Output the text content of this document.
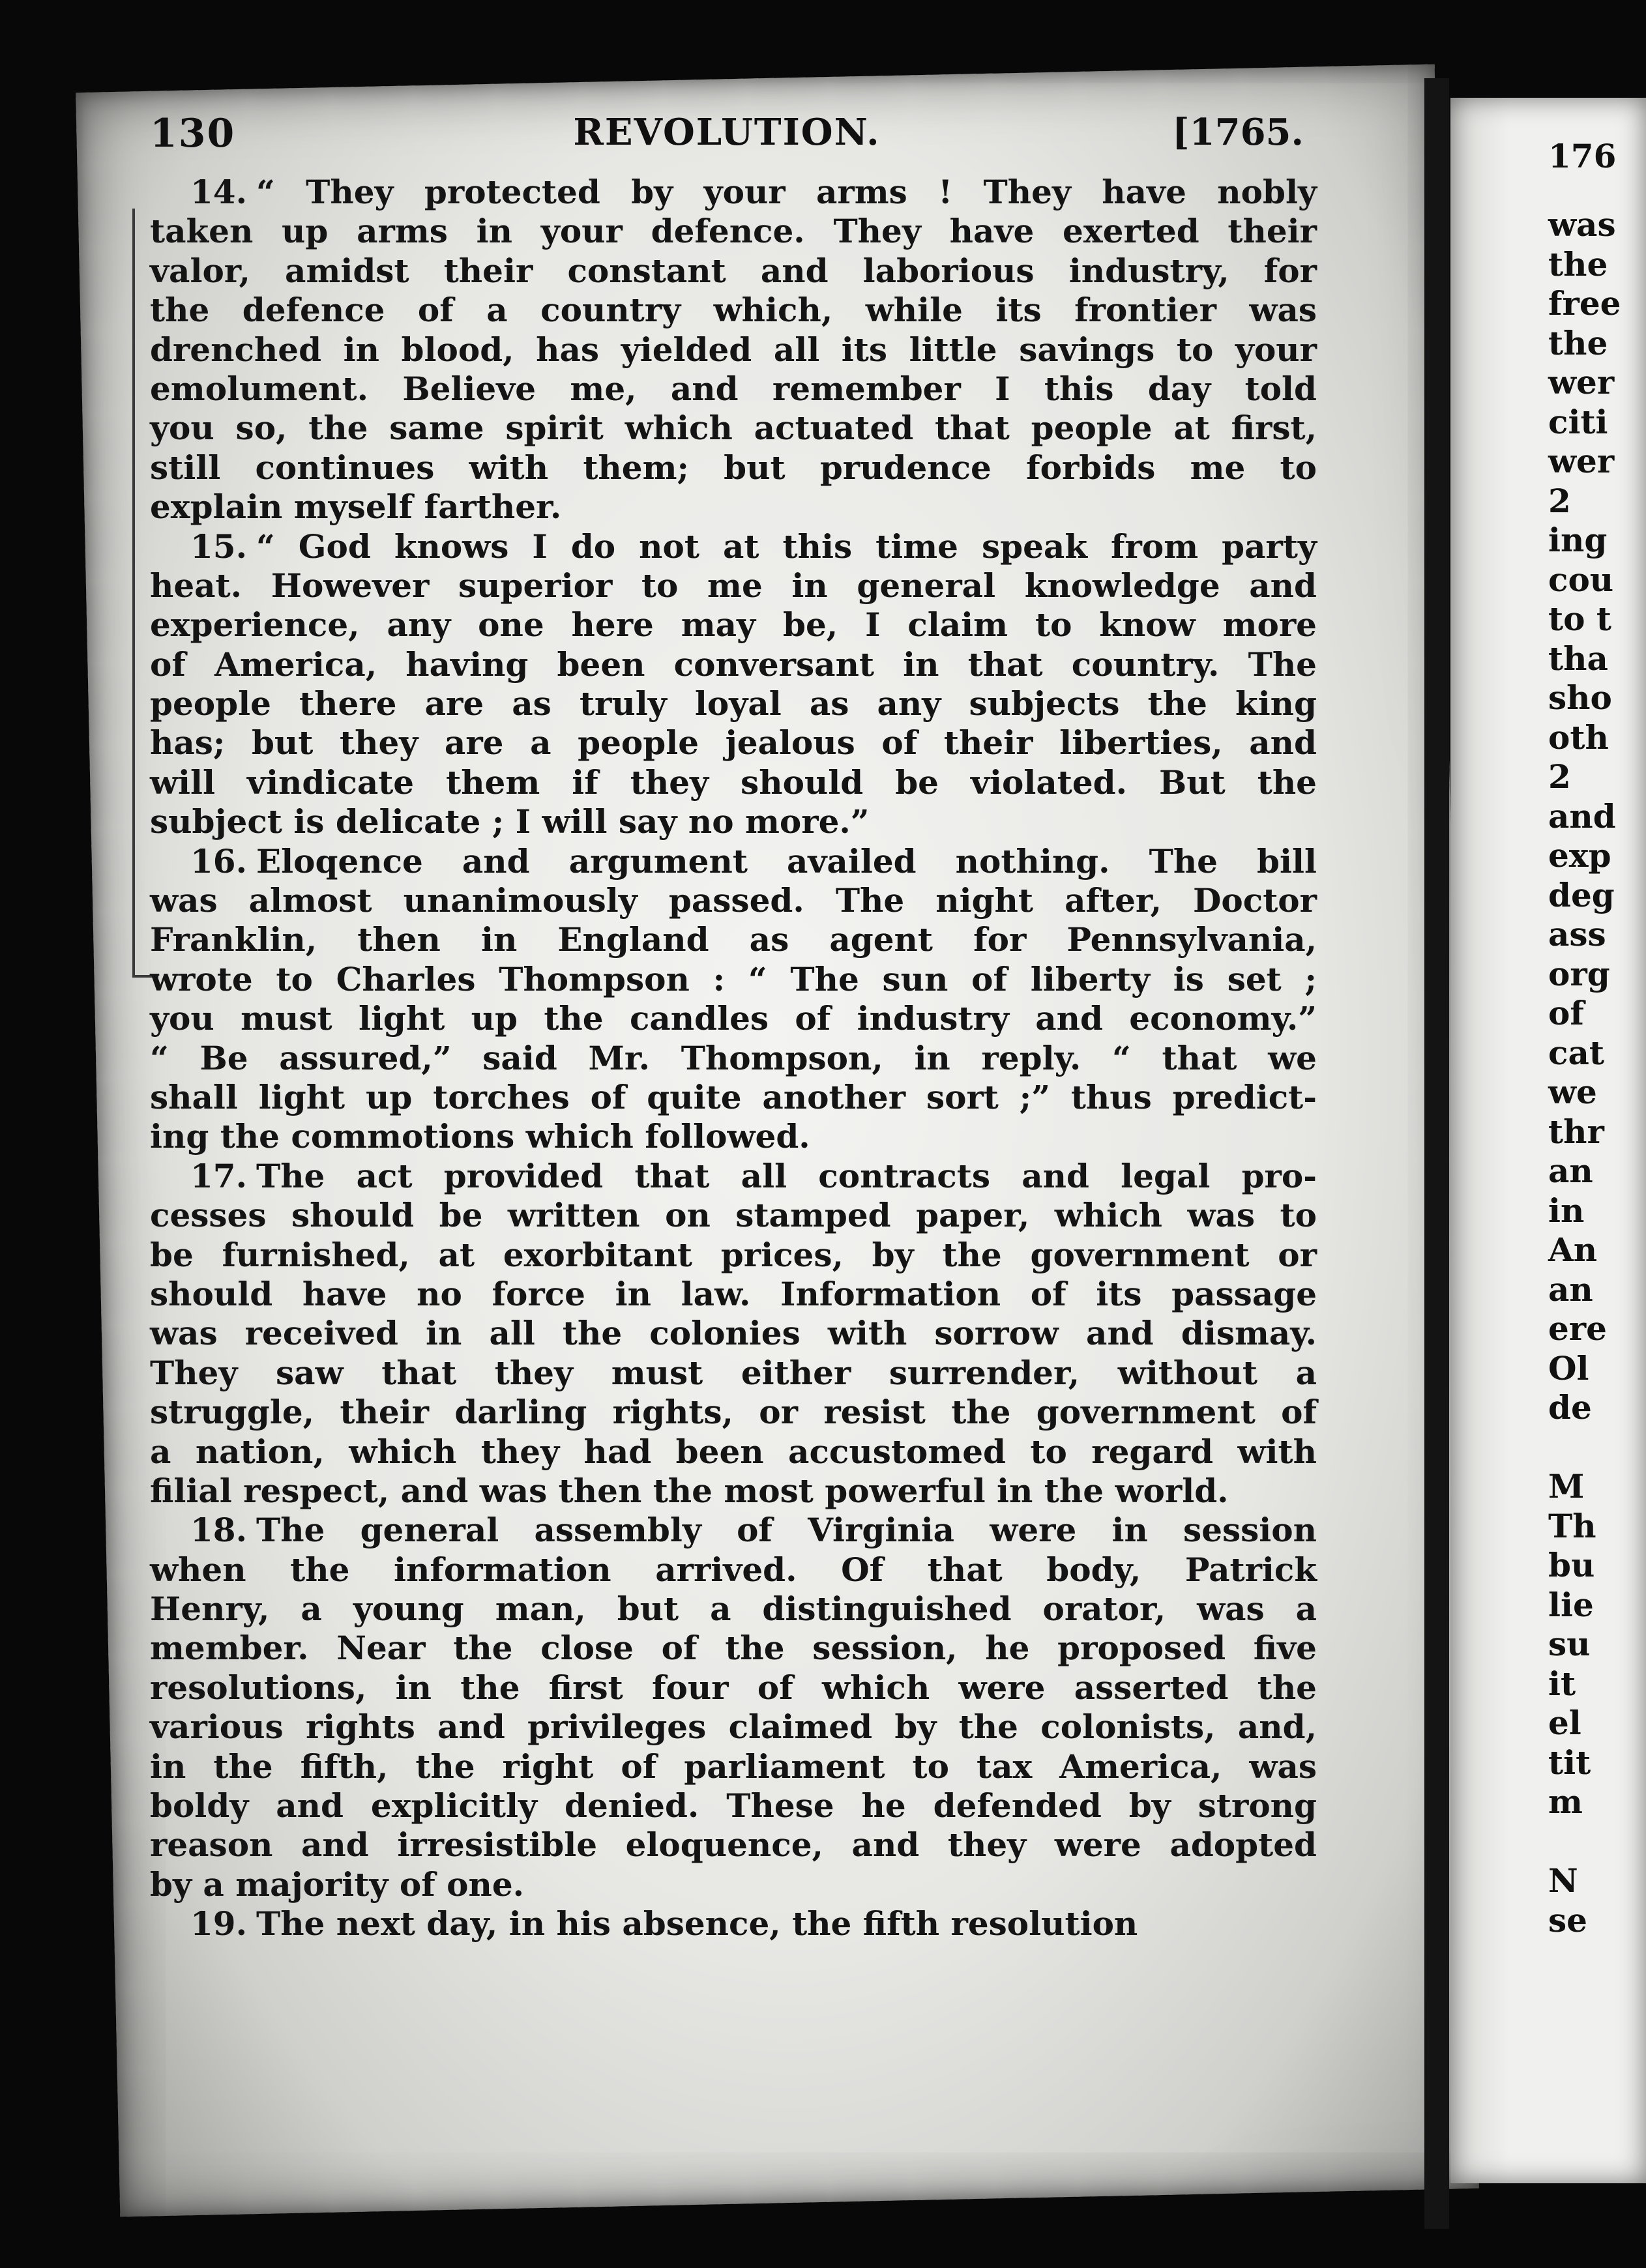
176
was
the
free
the
wer
citi
wer
2
ing
cou
to t
tha
sho
oth
2
and
exp
deg
ass
org
of
cat
we
thr
an
in
An
an
ere
Ol
de
M
Th
bu
lie
su
it
el
tit
m
N
se
130	REVOLUTION.	[1765.
14. “ They protected by your arms ! They have nobly
taken up arms in your defence. They have exerted their
valor, amidst their constant and laborious industry, for
the defence of a country which, while its frontier was
drenched in blood, has yielded all its little savings to your
emolument. Believe me, and remember I this day told
you so, the same spirit which actuated that people at first,
still continues with them; but prudence forbids me to
explain myself farther.
15. “ God knows I do not at this time speak from party
heat. However superior to me in general knowledge and
experience, any one here may be, I claim to know more
of America, having been conversant in that country. The
people there are as truly loyal as any subjects the king
has; but they are a people jealous of their liberties, and
will vindicate them if they should be violated. But the
subject is delicate ; I will say no more.”
16. Eloqence and argument availed nothing. The bill
was almost unanimously passed. The night after, Doctor
Franklin, then in England as agent for Pennsylvania,
wrote to Charles Thompson : “ The sun of liberty is set ;
you must light up the candles of industry and economy.”
“ Be assured,” said Mr. Thompson, in reply. “ that we
shall light up torches of quite another sort ;” thus predict-
ing the commotions which followed.
17. The act provided that all contracts and legal pro-
cesses should be written on stamped paper, which was to
be furnished, at exorbitant prices, by the government or
should have no force in law. Information of its passage
was received in all the colonies with sorrow and dismay.
They saw that they must either surrender, without a
struggle, their darling rights, or resist the government of
a nation, which they had been accustomed to regard with
filial respect, and was then the most powerful in the world.
18. The general assembly of Virginia were in session
when the information arrived. Of that body, Patrick
Henry, a young man, but a distinguished orator, was a
member. Near the close of the session, he proposed five
resolutions, in the first four of which were asserted the
various rights and privileges claimed by the colonists, and,
in the fifth, the right of parliament to tax America, was
boldy and explicitly denied. These he defended by strong
reason and irresistible eloquence, and they were adopted
by a majority of one.
19. The next day, in his absence, the fifth resolution
